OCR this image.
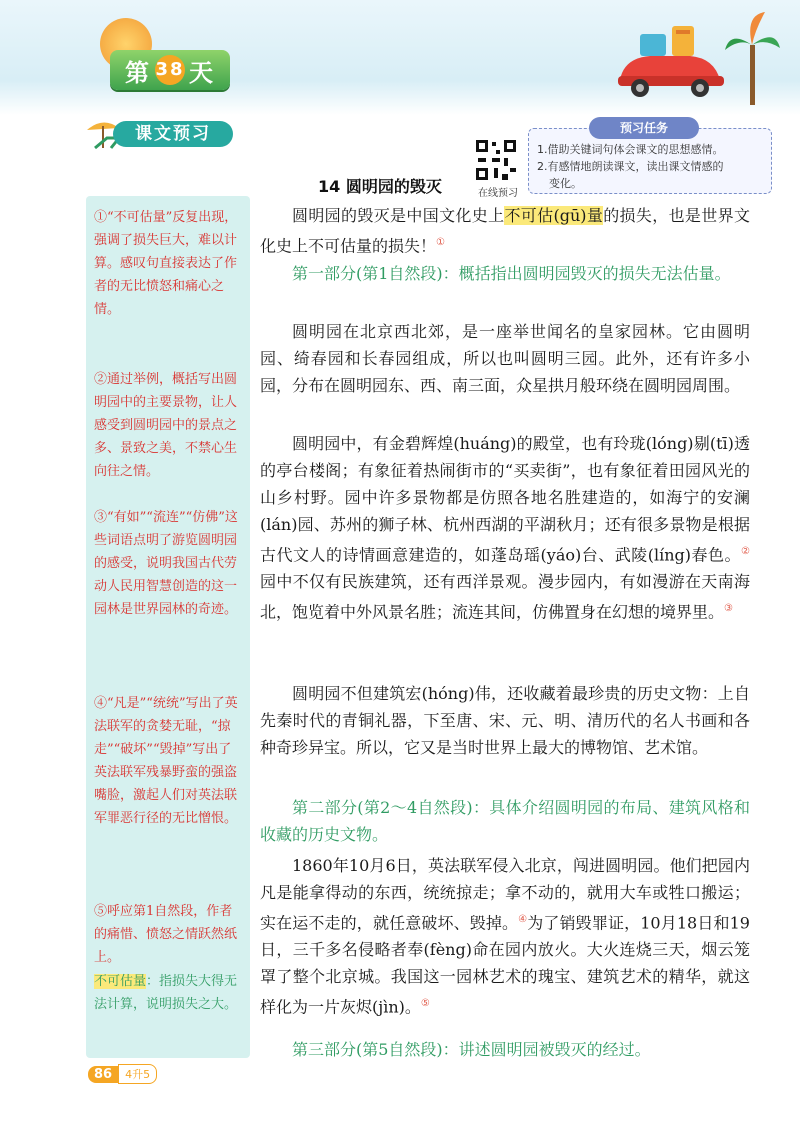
第 38 天
课文预习
在线预习
预习任务
1.借助关键词句体会课文的思想感情。
2.有感情地朗读课文，读出课文情感的
变化。
14 圆明园的毁灭
①“不可估量”反复出现，强调了损失巨大，难以计算。感叹句直接表达了作者的无比愤怒和痛心之情。
②通过举例，概括写出圆明园中的主要景物，让人感受到圆明园中的景点之多、景致之美，不禁心生向往之情。
③“有如”“流连”“仿佛”这些词语点明了游览圆明园的感受，说明我国古代劳动人民用智慧创造的这一园林是世界园林的奇迹。
④“凡是”“统统”写出了英法联军的贪婪无耻，“掠走”“破坏”“毁掉”写出了英法联军残暴野蛮的强盗嘴脸，激起人们对英法联军罪恶行径的无比憎恨。
⑤呼应第1自然段，作者的痛惜、愤怒之情跃然纸上。
不可估量：指损失大得无法计算，说明损失之大。
圆明园的毁灭是中国文化史上不可估(gū)量的损失，也是世界文化史上不可估量的损失！①
第一部分(第1自然段)：概括指出圆明园毁灭的损失无法估量。
圆明园在北京西北郊，是一座举世闻名的皇家园林。它由圆明园、绮春园和长春园组成，所以也叫圆明三园。此外，还有许多小园，分布在圆明园东、西、南三面，众星拱月般环绕在圆明园周围。
圆明园中，有金碧辉煌(huáng)的殿堂，也有玲珑(lóng)剔(tī)透的亭台楼阁；有象征着热闹街市的“买卖街”，也有象征着田园风光的山乡村野。园中许多景物都是仿照各地名胜建造的，如海宁的安澜(lán)园、苏州的狮子林、杭州西湖的平湖秋月；还有很多景物是根据古代文人的诗情画意建造的，如蓬岛瑶(yáo)台、武陵(líng)春色。②园中不仅有民族建筑，还有西洋景观。漫步园内，有如漫游在天南海北，饱览着中外风景名胜；流连其间，仿佛置身在幻想的境界里。③
圆明园不但建筑宏(hóng)伟，还收藏着最珍贵的历史文物：上自先秦时代的青铜礼器，下至唐、宋、元、明、清历代的名人书画和各种奇珍异宝。所以，它又是当时世界上最大的博物馆、艺术馆。
第二部分(第2～4自然段)：具体介绍圆明园的布局、建筑风格和收藏的历史文物。
1860年10月6日，英法联军侵入北京，闯进圆明园。他们把园内凡是能拿得动的东西，统统掠走；拿不动的，就用大车或牲口搬运；实在运不走的，就任意破坏、毁掉。④为了销毁罪证，10月18日和19日，三千多名侵略者奉(fèng)命在园内放火。大火连烧三天，烟云笼罩了整个北京城。我国这一园林艺术的瑰宝、建筑艺术的精华，就这样化为一片灰烬(jìn)。⑤
第三部分(第5自然段)：讲述圆明园被毁灭的经过。
86	4升5
